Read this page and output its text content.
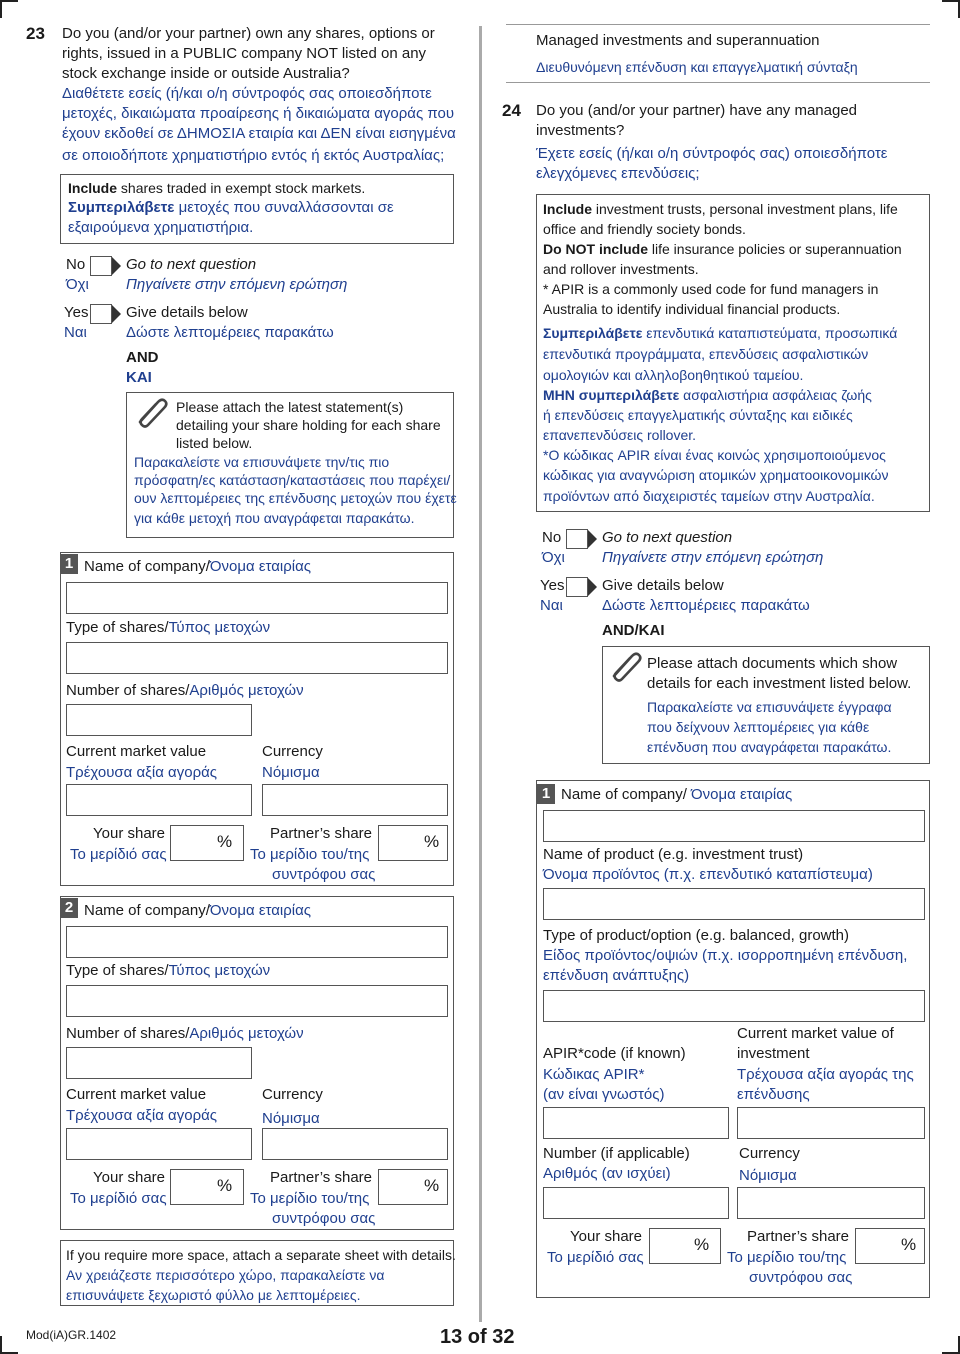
23 Do you (and/or your partner) own any shares, options or
rights, issued in a PUBLIC company NOT listed on any
stock exchange inside or outside Australia?
Διαθέτετε εσείς (ή/και ο/η σύντροφός σας οποιεσδήποτε
μετοχές, δικαιώματα προαίρεσης ή δικαιώματα αγοράς που
έχουν εκδοθεί σε ΔΗΜΟΣΙΑ εταιρία και ΔΕΝ είναι εισηγμένα
σε οποιοδήποτε χρηματιστήριο εντός ή εκτός Αυστραλίας;
Include shares traded in exempt stock markets.
Συμπεριλάβετε μετοχές που συναλλάσσονται σε
εξαιρούμενα χρηματιστήρια.
No
Όχι
Go to next question
Πηγαίνετε στην επόμενη ερώτηση
Yes
Ναι
Give details below
Δώστε λεπτομέρειες παρακάτω
AND
ΚΑΙ
Please attach the latest statement(s)
detailing your share holding for each share
listed below.
Παρακαλείστε να επισυνάψετε την/τις πιο
πρόσφατη/ες κατάσταση/καταστάσεις που παρέχει/
ουν λεπτομέρειες της επένδυσης μετοχών που έχετε
για κάθε μετοχή που αναγράφεται παρακάτω.
1 Name of company/Όνομα εταιρίας
Type of shares/Τύπος μετοχών
Number of shares/Αριθμός μετοχών
Current market value
Τρέχουσα αξία αγοράς
Currency
Νόμισμα
Your share
Το μερίδιό σας
%	Partner’s share
Το μερίδιο του/της
συντρόφου σας
%
2 Name of company/Όνομα εταιρίας
Type of shares/Τύπος μετοχών
Number of shares/Αριθμός μετοχών
Current market value
Τρέχουσα αξία αγοράς
Currency
Νόμισμα
Your share
Το μερίδιό σας
%	Partner’s share
Το μερίδιο του/της
συντρόφου σας
%
If you require more space, attach a separate sheet with details.
Αν χρειάζεστε περισσότερο χώρο, παρακαλείστε να
επισυνάψετε ξεχωριστό φύλλο με λεπτομέρειες.
Managed investments and superannuation
Διευθυνόμενη επένδυση και επαγγελματική σύνταξη
24 Do you (and/or your partner) have any managed
investments?
Έχετε εσείς (ή/και ο/η σύντροφός σας) οποιεσδήποτε
ελεγχόμενες επενδύσεις;
Include investment trusts, personal investment plans, life
office and friendly society bonds.
Do NOT include life insurance policies or superannuation
and rollover investments.
* APIR is a commonly used code for fund managers in
Australia to identify individual financial products.
Συμπεριλάβετε επενδυτικά καταπιστεύματα, προσωπικά
επενδυτικά προγράμματα, επενδύσεις ασφαλιστικών
ομολογιών και αλληλοβοηθητικού ταμείου.
ΜΗΝ συμπεριλάβετε ασφαλιστήρια ασφάλειας ζωής
ή επενδύσεις επαγγελματικής σύνταξης και ειδικές
επανεπενδύσεις rollover.
*Ο κώδικας APIR είναι ένας κοινώς χρησιμοποιούμενος
κώδικας για αναγνώριση ατομικών χρηματοοικονομικών
προϊόντων από διαχειριστές ταμείων στην Αυστραλία.
No
Όχι
Go to next question
Πηγαίνετε στην επόμενη ερώτηση
Yes
Ναι
Give details below
Δώστε λεπτομέρειες παρακάτω
AND/ΚΑΙ
Please attach documents which show
details for each investment listed below.
Παρακαλείστε να επισυνάψετε έγγραφα
που δείχνουν λεπτομέρειες για κάθε
επένδυση που αναγράφεται παρακάτω.
1 Name of company/ Όνομα εταιρίας
Name of product (e.g. investment trust)
Όνομα προϊόντος (π.χ. επενδυτικό καταπίστευμα)
Type of product/option (e.g. balanced, growth)
Είδος προϊόντος/οψιών (π.χ. ισορροπημένη επένδυση,
επένδυση ανάπτυξης)
APIR*code (if known)
Κώδικας APIR*
(αν είναι γνωστός)
Current market value of
investment
Τρέχουσα αξία αγοράς της
επένδυσης
Number (if applicable)
Αριθμός (αν ισχύει)
Currency
Νόμισμα
Your share
Το μερίδιό σας
%	Partner’s share
Το μερίδιο του/της
συντρόφου σας
%
Mod(iA)GR.1402	13 of 32
